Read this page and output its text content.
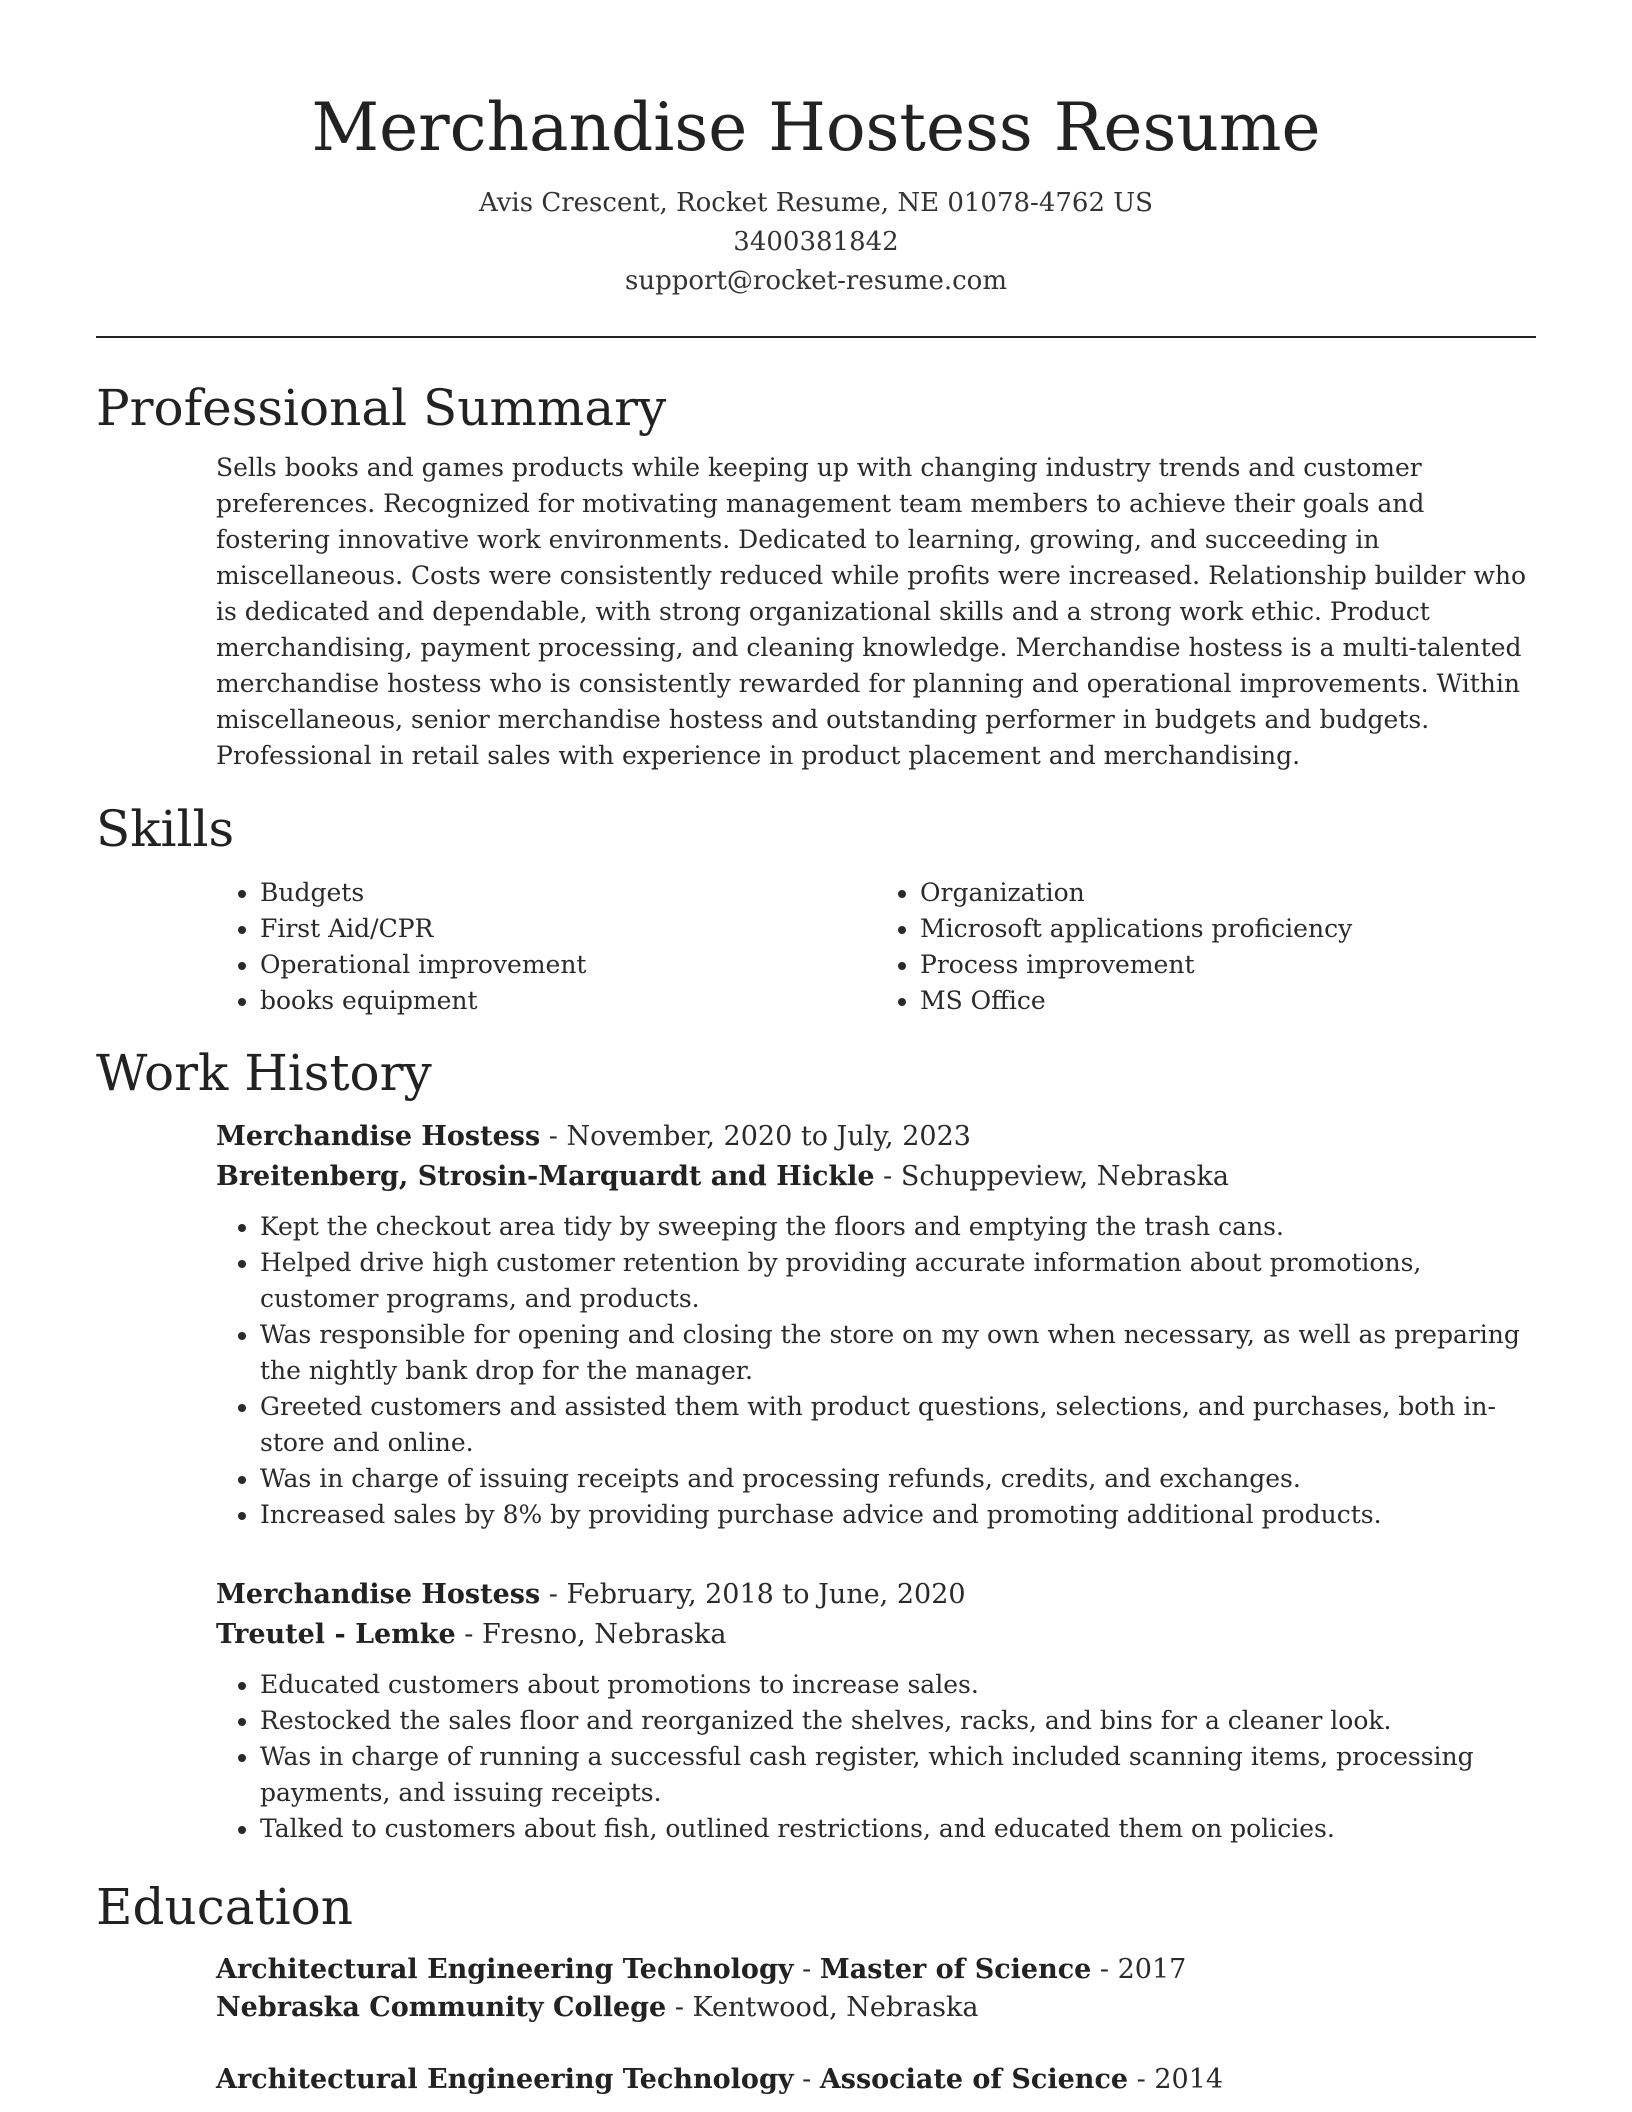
Merchandise Hostess Resume
Avis Crescent, Rocket Resume, NE 01078-4762 US
3400381842
support@rocket-resume.com
Professional Summary
Sells books and games products while keeping up with changing industry trends and customer preferences. Recognized for motivating management team members to achieve their goals and fostering innovative work environments. Dedicated to learning, growing, and succeeding in miscellaneous. Costs were consistently reduced while profits were increased. Relationship builder who is dedicated and dependable, with strong organizational skills and a strong work ethic. Product merchandising, payment processing, and cleaning knowledge. Merchandise hostess is a multi-talented merchandise hostess who is consistently rewarded for planning and operational improvements. Within miscellaneous, senior merchandise hostess and outstanding performer in budgets and budgets. Professional in retail sales with experience in product placement and merchandising.
Skills
• Budgets
• First Aid/CPR
• Operational improvement
• books equipment
• Organization
• Microsoft applications proficiency
• Process improvement
• MS Office
Work History
Merchandise Hostess - November, 2020 to July, 2023
Breitenberg, Strosin-Marquardt and Hickle - Schuppeview, Nebraska
• Kept the checkout area tidy by sweeping the floors and emptying the trash cans.
• Helped drive high customer retention by providing accurate information about promotions, customer programs, and products.
• Was responsible for opening and closing the store on my own when necessary, as well as preparing the nightly bank drop for the manager.
• Greeted customers and assisted them with product questions, selections, and purchases, both in-store and online.
• Was in charge of issuing receipts and processing refunds, credits, and exchanges.
• Increased sales by 8% by providing purchase advice and promoting additional products.
Merchandise Hostess - February, 2018 to June, 2020
Treutel - Lemke - Fresno, Nebraska
• Educated customers about promotions to increase sales.
• Restocked the sales floor and reorganized the shelves, racks, and bins for a cleaner look.
• Was in charge of running a successful cash register, which included scanning items, processing payments, and issuing receipts.
• Talked to customers about fish, outlined restrictions, and educated them on policies.
Education
Architectural Engineering Technology - Master of Science - 2017
Nebraska Community College - Kentwood, Nebraska
Architectural Engineering Technology - Associate of Science - 2014
